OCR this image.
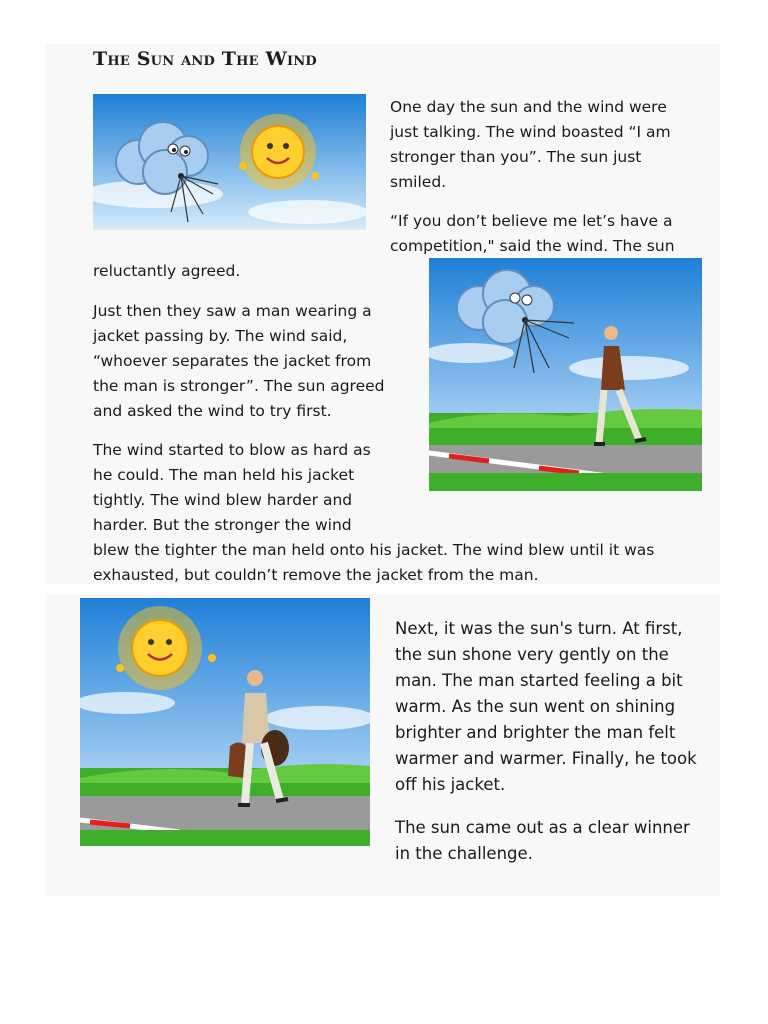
The Sun and The Wind
One day the sun and the wind were
just talking. The wind boasted “I am
stronger than you”. The sun just
smiled.
“If you don’t believe me let’s have a
competition," said the wind. The sun
reluctantly agreed.
Just then they saw a man wearing a
jacket passing by. The wind said,
“whoever separates the jacket from
the man is stronger”. The sun agreed
and asked the wind to try first.
The wind started to blow as hard as
he could. The man held his jacket
tightly. The wind blew harder and
harder. But the stronger the wind
blew the tighter the man held onto his jacket. The wind blew until it was
exhausted, but couldn’t remove the jacket from the man.
Next, it was the sun's turn. At first,
the sun shone very gently on the
man. The man started feeling a bit
warm. As the sun went on shining
brighter and brighter the man felt
warmer and warmer. Finally, he took
off his jacket.
The sun came out as a clear winner
in the challenge.
